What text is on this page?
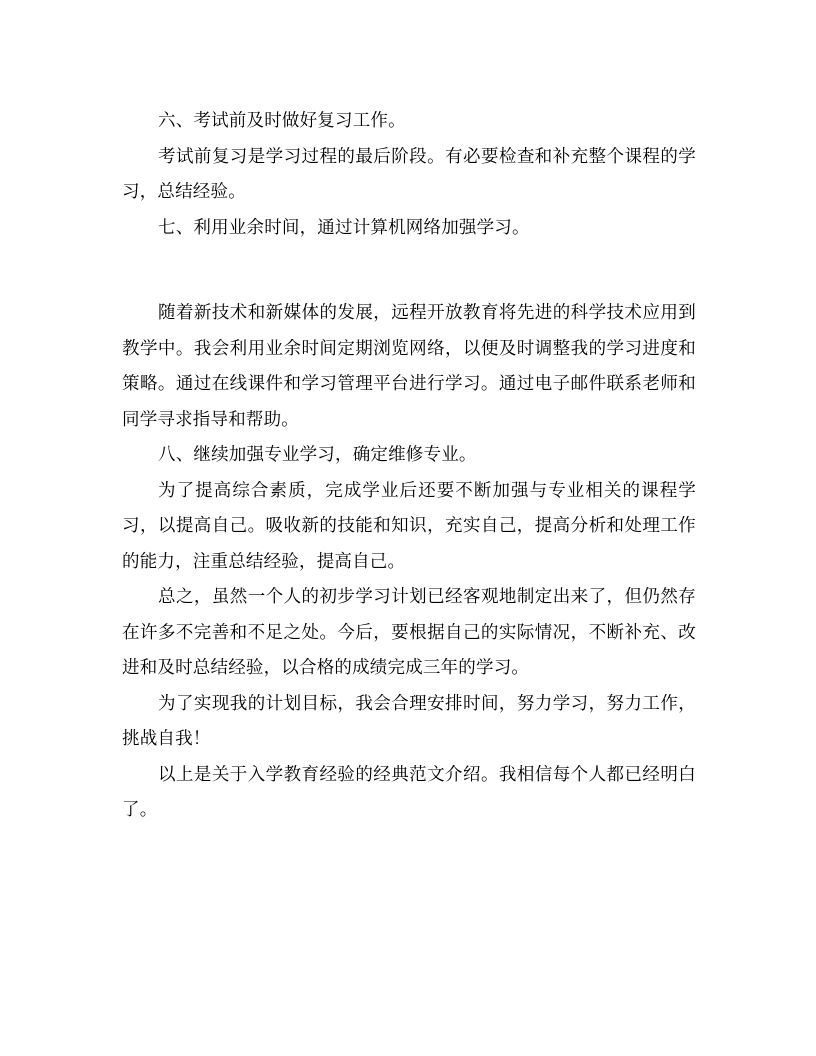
六、考试前及时做好复习工作。

考试前复习是学习过程的最后阶段。有必要检查和补充整个课程的学习，总结经验。

七、利用业余时间，通过计算机网络加强学习。

随着新技术和新媒体的发展，远程开放教育将先进的科学技术应用到教学中。我会利用业余时间定期浏览网络，以便及时调整我的学习进度和策略。通过在线课件和学习管理平台进行学习。通过电子邮件联系老师和同学寻求指导和帮助。

八、继续加强专业学习，确定维修专业。

为了提高综合素质，完成学业后还要不断加强与专业相关的课程学习，以提高自己。吸收新的技能和知识，充实自己，提高分析和处理工作的能力，注重总结经验，提高自己。

总之，虽然一个人的初步学习计划已经客观地制定出来了，但仍然存在许多不完善和不足之处。今后，要根据自己的实际情况，不断补充、改进和及时总结经验，以合格的成绩完成三年的学习。

为了实现我的计划目标，我会合理安排时间，努力学习，努力工作，挑战自我！

以上是关于入学教育经验的经典范文介绍。我相信每个人都已经明白了。
